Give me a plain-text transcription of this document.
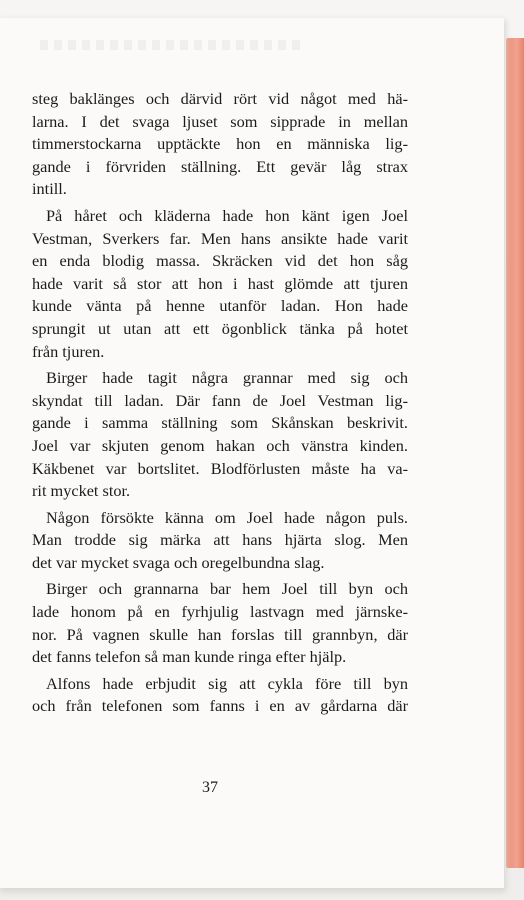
steg baklänges och därvid rört vid något med hä-
larna. I det svaga ljuset som sipprade in mellan
timmerstockarna upptäckte hon en människa lig-
gande i förvriden ställning. Ett gevär låg strax
intill.
På håret och kläderna hade hon känt igen Joel
Vestman, Sverkers far. Men hans ansikte hade varit
en enda blodig massa. Skräcken vid det hon såg
hade varit så stor att hon i hast glömde att tjuren
kunde vänta på henne utanför ladan. Hon hade
sprungit ut utan att ett ögonblick tänka på hotet
från tjuren.
Birger hade tagit några grannar med sig och
skyndat till ladan. Där fann de Joel Vestman lig-
gande i samma ställning som Skånskan beskrivit.
Joel var skjuten genom hakan och vänstra kinden.
Käkbenet var bortslitet. Blodförlusten måste ha va-
rit mycket stor.
Någon försökte känna om Joel hade någon puls.
Man trodde sig märka att hans hjärta slog. Men
det var mycket svaga och oregelbundna slag.
Birger och grannarna bar hem Joel till byn och
lade honom på en fyrhjulig lastvagn med järnske-
nor. På vagnen skulle han forslas till grannbyn, där
det fanns telefon så man kunde ringa efter hjälp.
Alfons hade erbjudit sig att cykla före till byn
och från telefonen som fanns i en av gårdarna där
37
